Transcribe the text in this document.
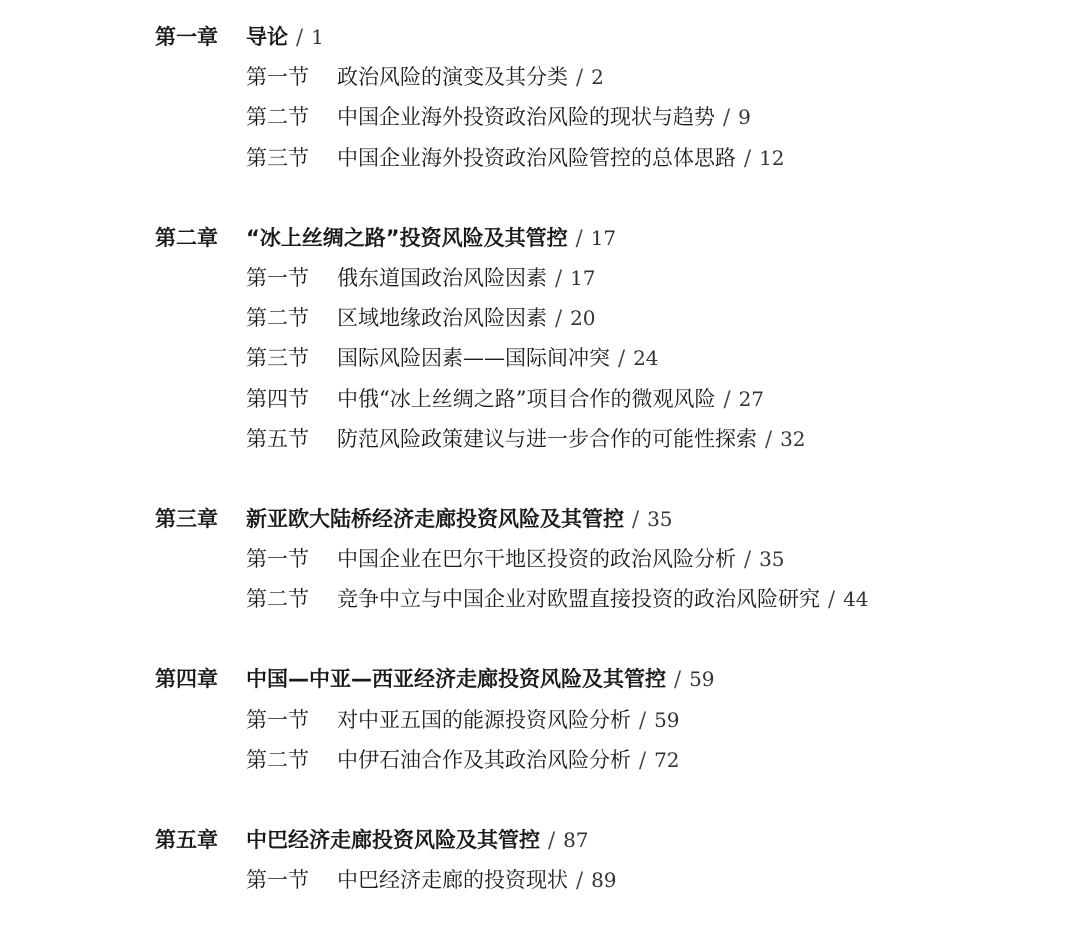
第一章 导论 / 1
第一节 政治风险的演变及其分类 / 2
第二节 中国企业海外投资政治风险的现状与趋势 / 9
第三节 中国企业海外投资政治风险管控的总体思路 / 12
第二章 “冰上丝绸之路”投资风险及其管控 / 17
第一节 俄东道国政治风险因素 / 17
第二节 区域地缘政治风险因素 / 20
第三节 国际风险因素——国际间冲突 / 24
第四节 中俄“冰上丝绸之路”项目合作的微观风险 / 27
第五节 防范风险政策建议与进一步合作的可能性探索 / 32
第三章 新亚欧大陆桥经济走廊投资风险及其管控 / 35
第一节 中国企业在巴尔干地区投资的政治风险分析 / 35
第二节 竞争中立与中国企业对欧盟直接投资的政治风险研究 / 44
第四章 中国—中亚—西亚经济走廊投资风险及其管控 / 59
第一节 对中亚五国的能源投资风险分析 / 59
第二节 中伊石油合作及其政治风险分析 / 72
第五章 中巴经济走廊投资风险及其管控 / 87
第一节 中巴经济走廊的投资现状 / 89
